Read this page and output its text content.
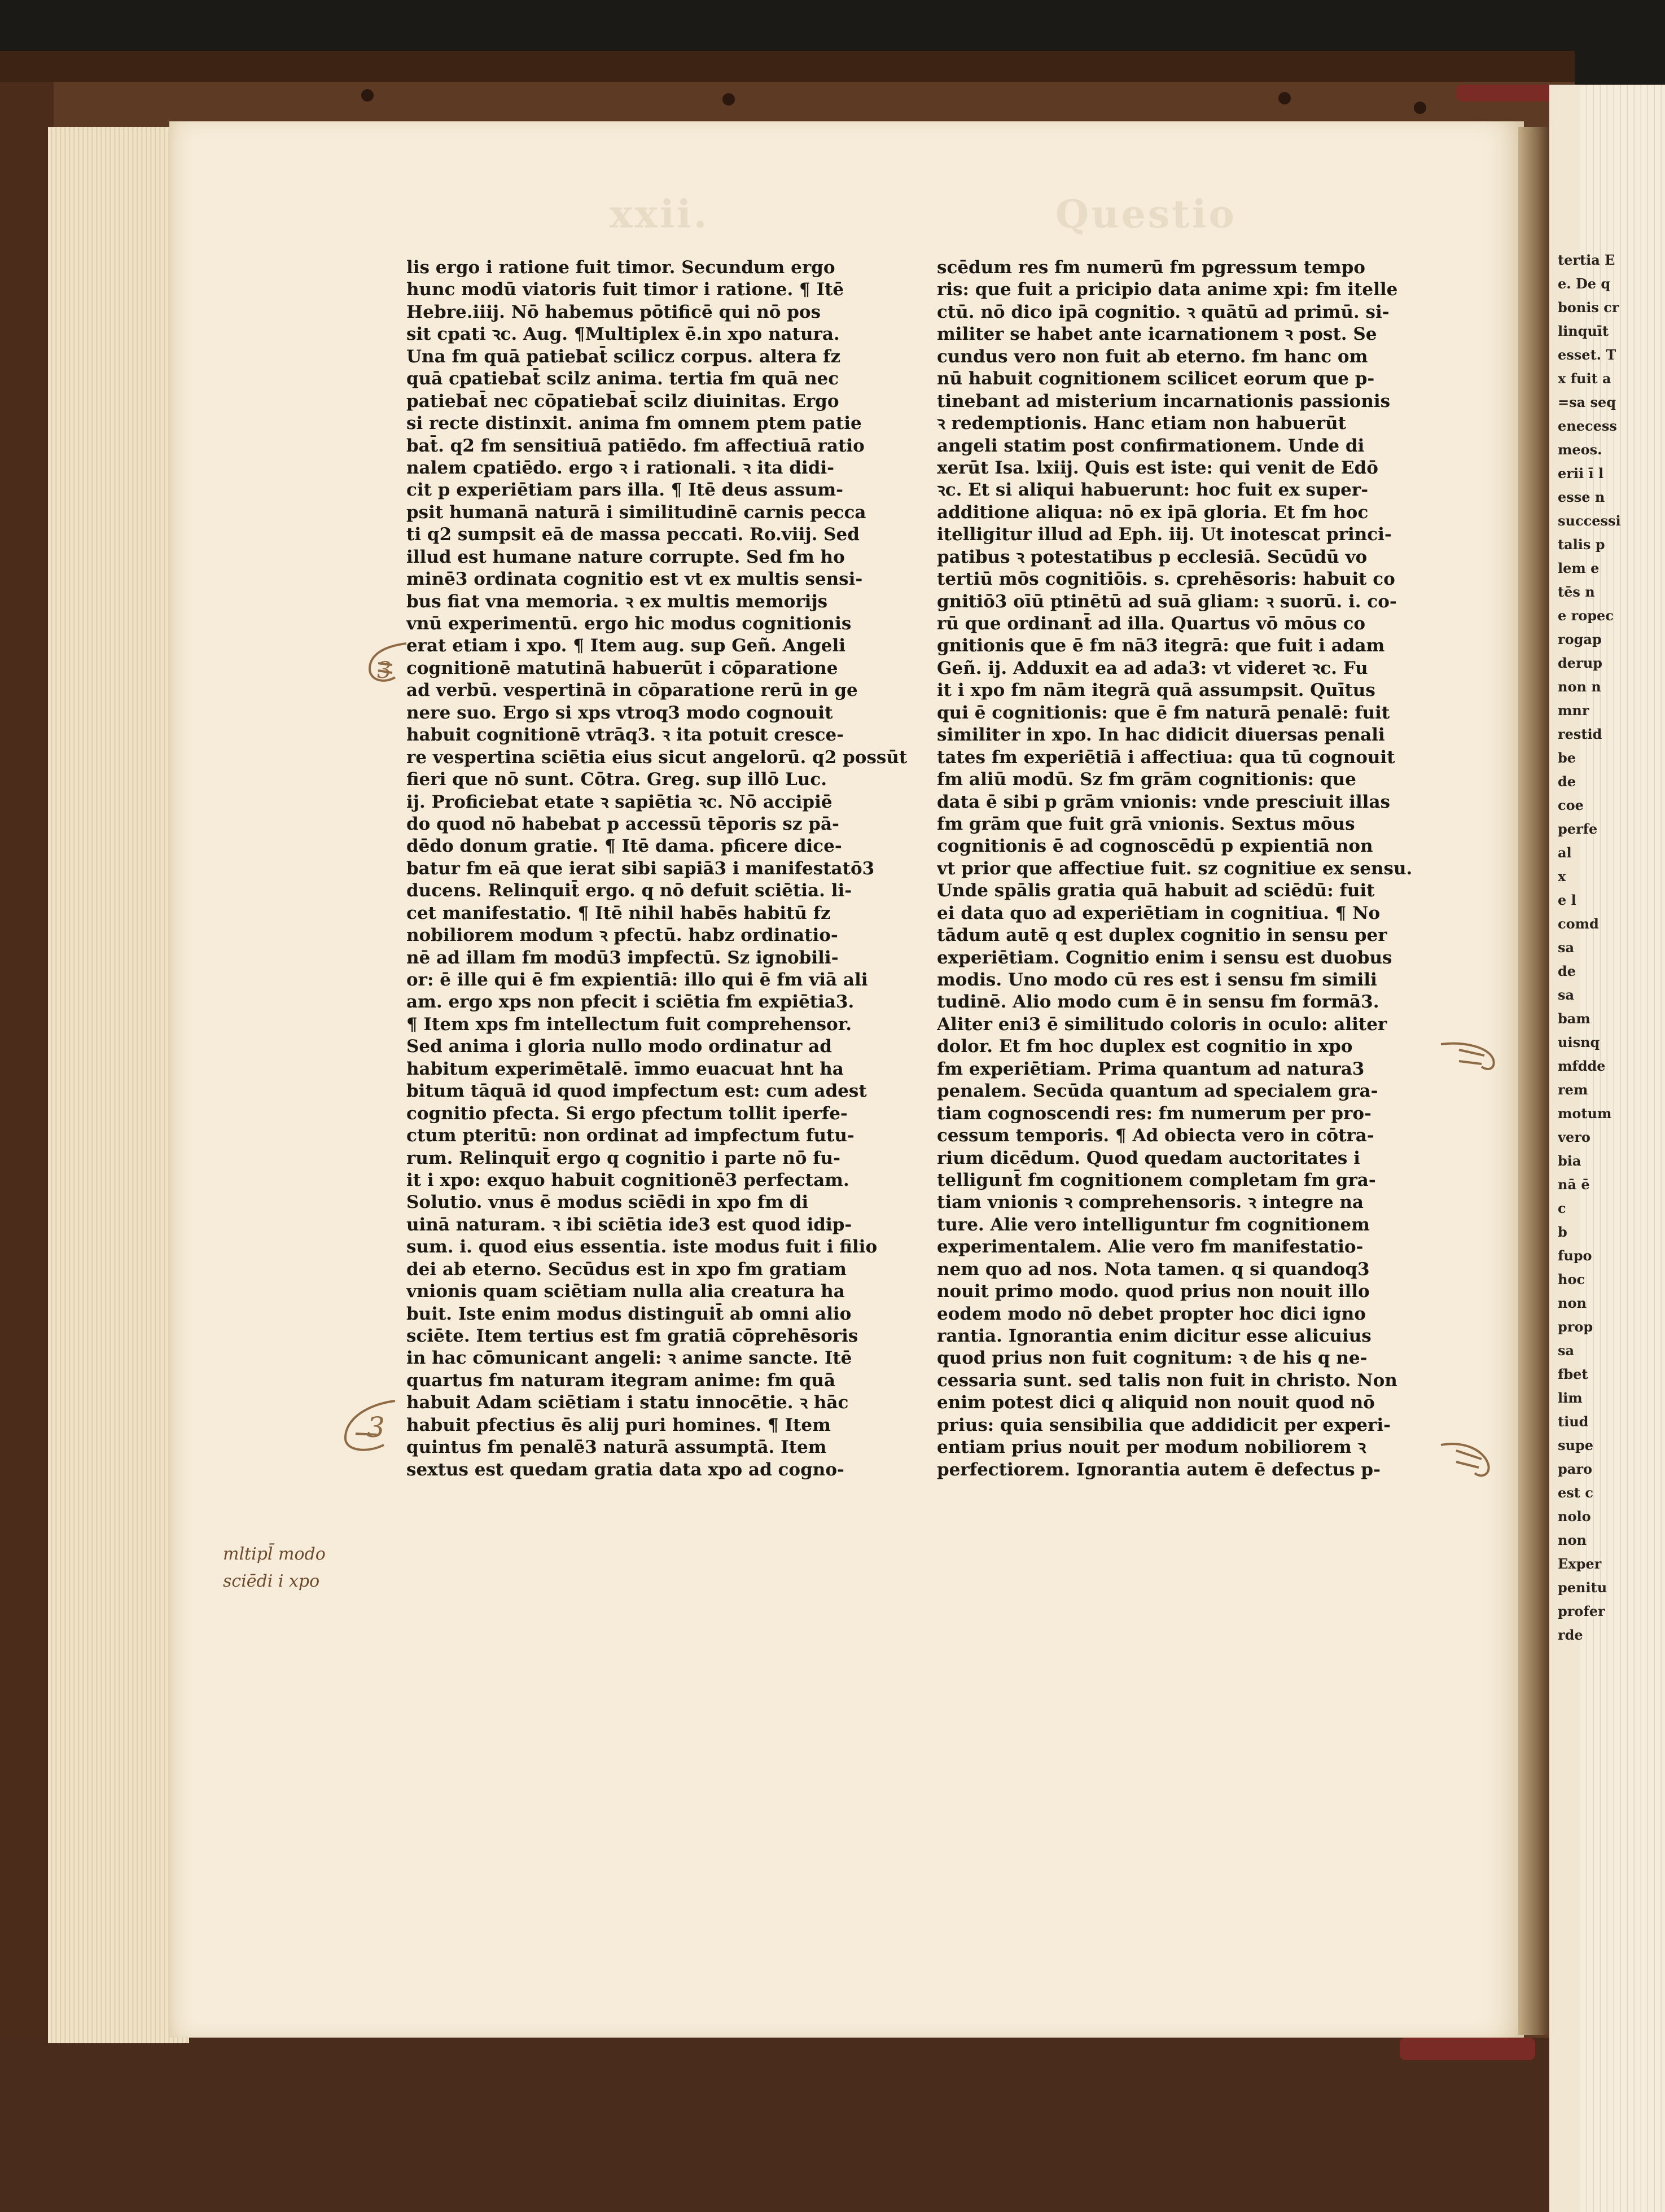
xxii.	Questio
lis ergo i ratione fuit timor. Secundum ergo
hunc modū viatoris fuit timor i ratione. ¶ Itē
Hebre.iiij. Nō habemus pōtificē qui nō pos
sit cpati ꝛc. Aug. ¶Multiplex ē.in xpo natura.
Una fm quā patiebat̄ scilicz corpus. altera fz
quā cpatiebat̄ scilz anima. tertia fm quā nec
patiebat̄ nec cōpatiebat̄ scilz diuinitas. Ergo
si recte distinxit. anima fm omnem ptem patie
bat̄. q2 fm sensitiuā patiēdo. fm affectiuā ratio
nalem cpatiēdo. ergo ꝛ i rationali. ꝛ ita didi-
cit p experiētiam pars illa. ¶ Itē deus assum-
psit humanā naturā i similitudinē carnis pecca
ti q2 sumpsit eā de massa peccati. Ro.viij. Sed
illud est humane nature corrupte. Sed fm ho
minē3 ordinata cognitio est vt ex multis sensi-
bus fiat vna memoria. ꝛ ex multis memorijs
vnū experimentū. ergo hic modus cognitionis
erat etiam i xpo. ¶ Item aug. sup Geñ. Angeli
cognitionē matutinā habuerūt i cōparatione
ad verbū. vespertinā in cōparatione rerū in ge
nere suo. Ergo si xps vtroq3 modo cognouit
habuit cognitionē vtrāq3. ꝛ ita potuit cresce-
re vespertina sciētia eius sicut angelorū. q2 possūt
fieri que nō sunt. Cōtra. Greg. sup illō Luc.
ij. Proficiebat etate ꝛ sapiētia ꝛc. Nō accipiē
do quod nō habebat p accessū tēporis sz pā-
dēdo donum gratie. ¶ Itē dama. pficere dice-
batur fm eā que ierat sibi sapiā3 i manifestatō3
ducens. Relinquit̄ ergo. q nō defuit sciētia. li-
cet manifestatio. ¶ Itē nihil habēs habitū fz
nobiliorem modum ꝛ pfectū. habz ordinatio-
nē ad illam fm modū3 impfectū. Sz ignobili-
or: ē ille qui ē fm expientiā: illo qui ē fm viā ali
am. ergo xps non pfecit i sciētia fm expiētia3.
¶ Item xps fm intellectum fuit comprehensor.
Sed anima i gloria nullo modo ordinatur ad
habitum experimētalē. īmmo euacuat hnt ha
bitum tāquā id quod impfectum est: cum adest
cognitio pfecta. Si ergo pfectum tollit iperfe-
ctum pteritū: non ordinat ad impfectum futu-
rum. Relinquit̄ ergo q cognitio i parte nō fu-
it i xpo: exquo habuit cognitionē3 perfectam.
Solutio. vnus ē modus sciēdi in xpo fm di
uinā naturam. ꝛ ibi sciētia ide3 est quod idip-
sum. i. quod eius essentia. iste modus fuit i filio
dei ab eterno. Secūdus est in xpo fm gratiam
vnionis quam sciētiam nulla alia creatura ha
buit. Iste enim modus distinguit̄ ab omni alio
sciēte. Item tertius est fm gratiā cōprehēsoris
in hac cōmunicant angeli: ꝛ anime sancte. Itē
quartus fm naturam itegram anime: fm quā
habuit Adam sciētiam i statu innocētie. ꝛ hāc
habuit pfectius ēs alij puri homines. ¶ Item
quintus fm penalē3 naturā assumptā. Item
sextus est quedam gratia data xpo ad cogno-
scēdum res fm numerū fm pgressum tempo
ris: que fuit a pricipio data anime xpi: fm itelle
ctū. nō dico ipā cognitio. ꝛ quātū ad primū. si-
militer se habet ante icarnationem ꝛ post. Se
cundus vero non fuit ab eterno. fm hanc om
nū habuit cognitionem scilicet eorum que p-
tinebant ad misterium incarnationis passionis
ꝛ redemptionis. Hanc etiam non habuerūt
angeli statim post confirmationem. Unde di
xerūt Isa. lxiij. Quis est iste: qui venit de Edō
ꝛc. Et si aliqui habuerunt: hoc fuit ex super-
additione aliqua: nō ex ipā gloria. Et fm hoc
itelligitur illud ad Eph. iij. Ut inotescat princi-
patibus ꝛ potestatibus p ecclesiā. Secūdū vo
tertiū mōs cognitiōis. s. cprehēsoris: habuit co
gnitiō3 oīū ptinētū ad suā gliam: ꝛ suorū. i. co-
rū que ordinant̄ ad illa. Quartus vō mōus co
gnitionis que ē fm nā3 itegrā: que fuit i adam
Geñ. ij. Adduxit ea ad ada3: vt videret ꝛc. Fu
it i xpo fm nām itegrā quā assumpsit. Quītus
qui ē cognitionis: que ē fm naturā penalē: fuit
similiter in xpo. In hac didicit diuersas penali
tates fm experiētiā i affectiua: qua tū cognouit
fm aliū modū. Sz fm grām cognitionis: que
data ē sibi p grām vnionis: vnde presciuit illas
fm grām que fuit grā vnionis. Sextus mōus
cognitionis ē ad cognoscēdū p expientiā non
vt prior que affectiue fuit. sz cognitiue ex sensu.
Unde spālis gratia quā habuit ad sciēdū: fuit
ei data quo ad experiētiam in cognitiua. ¶ No
tādum autē q est duplex cognitio in sensu per
experiētiam. Cognitio enim i sensu est duobus
modis. Uno modo cū res est i sensu fm simili
tudinē. Alio modo cum ē in sensu fm formā3.
Aliter eni3 ē similitudo coloris in oculo: aliter
dolor. Et fm hoc duplex est cognitio in xpo
fm experiētiam. Prima quantum ad natura3
penalem. Secūda quantum ad specialem gra-
tiam cognoscendi res: fm numerum per pro-
cessum temporis. ¶ Ad obiecta vero in cōtra-
rium dicēdum. Quod quedam auctoritates i
telligunt̄ fm cognitionem completam fm gra-
tiam vnionis ꝛ comprehensoris. ꝛ integre na
ture. Alie vero intelliguntur fm cognitionem
experimentalem. Alie vero fm manifestatio-
nem quo ad nos. Nota tamen. q si quandoq3
nouit primo modo. quod prius non nouit illo
eodem modo nō debet propter hoc dici igno
rantia. Ignorantia enim dicitur esse alicuius
quod prius non fuit cognitum: ꝛ de his q ne-
cessaria sunt. sed talis non fuit in christo. Non
enim potest dici q aliquid non nouit quod nō
prius: quia sensibilia que addidicit per experi-
entiam prius nouit per modum nobiliorem ꝛ
perfectiorem. Ignorantia autem ē defectus p-
3
3
mltipl̄ modo
sciēdi i xpo
tertia E
e. De q
bonis cr
linquīt
esset. T
x fuit a
=sa seq
enecess
meos.
erii ī l
esse n
successi
talis p
lem e
tēs n
e ropec
rogap
derup
non n
mnr
restid
be
de
coe
perfe
al
x
e l
comd
sa
de
sa
bam
uisnq
mfdde
rem
motum
vero
bia
nā ē
c
b
fupo
hoc
non
prop
sa
fbet
lim
tiud
supe
paro
est c
nolo
non
Exper
penitu
profer
rde
